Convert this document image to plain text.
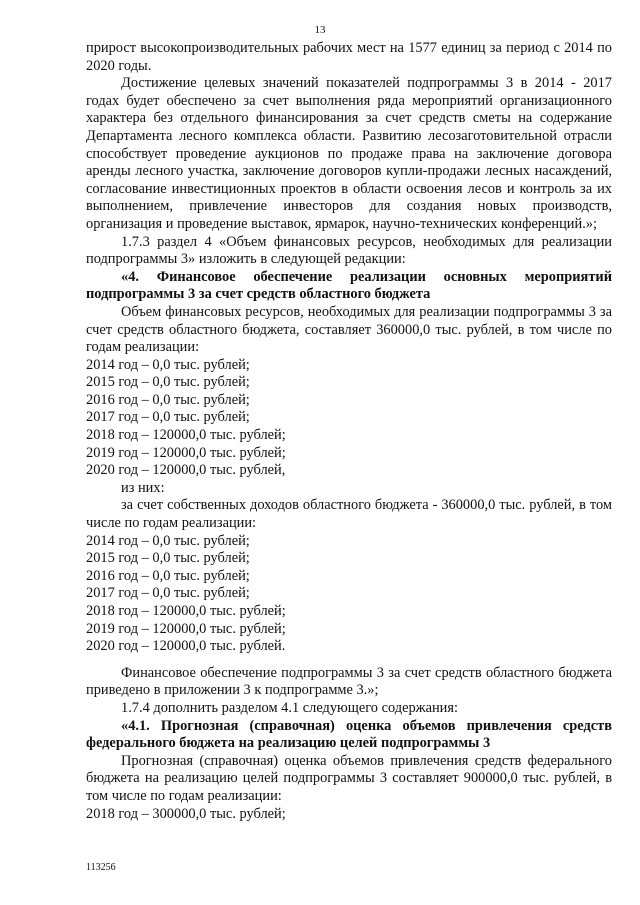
13

прирост высокопроизводительных рабочих мест на 1577 единиц за период с 2014 по 2020 годы.

Достижение целевых значений показателей подпрограммы 3 в 2014 - 2017 годах будет обеспечено за счет выполнения ряда мероприятий организационного характера без отдельного финансирования за счет средств сметы на содержание Департамента лесного комплекса области. Развитию лесозаготовительной отрасли способствует проведение аукционов по продаже права на заключение договора аренды лесного участка, заключение договоров купли-продажи лесных насаждений, согласование инвестиционных проектов в области освоения лесов и контроль за их выполнением, привлечение инвесторов для создания новых производств, организация и проведение выставок, ярмарок, научно-технических конференций.»;

1.7.3 раздел 4 «Объем финансовых ресурсов, необходимых для реализации подпрограммы 3» изложить в следующей редакции:

«4. Финансовое обеспечение реализации основных мероприятий подпрограммы 3 за счет средств областного бюджета

Объем финансовых ресурсов, необходимых для реализации подпрограммы 3 за счет средств областного бюджета, составляет 360000,0 тыс. рублей, в том числе по годам реализации:

2014 год – 0,0 тыс. рублей;

2015 год – 0,0 тыс. рублей;

2016 год – 0,0 тыс. рублей;

2017 год – 0,0 тыс. рублей;

2018 год – 120000,0 тыс. рублей;

2019 год – 120000,0 тыс. рублей;

2020 год – 120000,0 тыс. рублей,

из них:

за счет собственных доходов областного бюджета - 360000,0 тыс. рублей, в том числе по годам реализации:

2014 год – 0,0 тыс. рублей;

2015 год – 0,0 тыс. рублей;

2016 год – 0,0 тыс. рублей;

2017 год – 0,0 тыс. рублей;

2018 год – 120000,0 тыс. рублей;

2019 год – 120000,0 тыс. рублей;

2020 год – 120000,0 тыс. рублей.

Финансовое обеспечение подпрограммы 3 за счет средств областного бюджета приведено в приложении 3 к подпрограмме 3.»;

1.7.4 дополнить разделом 4.1 следующего содержания:

«4.1. Прогнозная (справочная) оценка объемов привлечения средств федерального бюджета на реализацию целей подпрограммы 3

Прогнозная (справочная) оценка объемов привлечения средств федерального бюджета на реализацию целей подпрограммы 3 составляет 900000,0 тыс. рублей, в том числе по годам реализации:

2018 год – 300000,0 тыс. рублей;

113256
